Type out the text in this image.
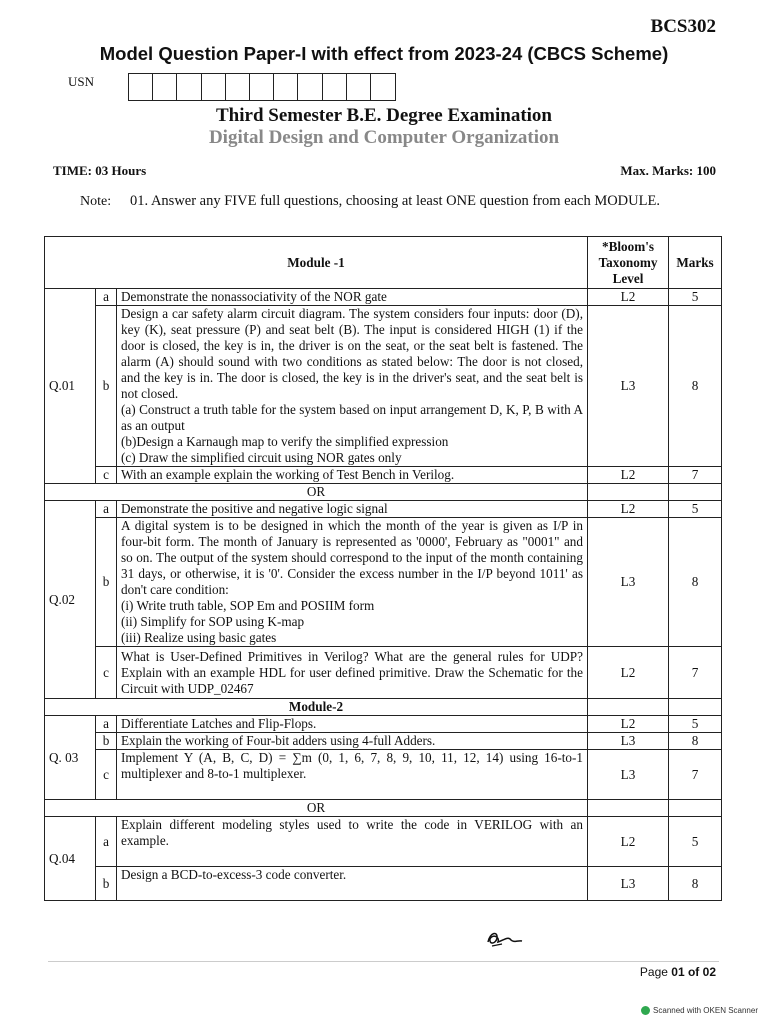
BCS302
Model Question Paper-I with effect from 2023-24 (CBCS Scheme)
USN
Third Semester B.E. Degree Examination
Digital Design and Computer Organization
TIME: 03 Hours	Max. Marks: 100
Note: 01. Answer any FIVE full questions, choosing at least ONE question from each MODULE.
Module -1			*Bloom's Taxonomy Level	Marks
Q.01	a	Demonstrate the nonassociativity of the NOR gate	L2	5
	b	Design a car safety alarm circuit diagram. The system considers four inputs: door (D), key (K), seat pressure (P) and seat belt (B). The input is considered HIGH (1) if the door is closed, the key is in, the driver is on the seat, or the seat belt is fastened. The alarm (A) should sound with two conditions as stated below: The door is not closed, and the key is in. The door is closed, the key is in the driver's seat, and the seat belt is not closed.
(a) Construct a truth table for the system based on input arrangement D, K, P, B with A as an output
(b)Design a Karnaugh map to verify the simplified expression
(c) Draw the simplified circuit using NOR gates only	L3	8
	c	With an example explain the working of Test Bench in Verilog.	L2	7
OR				
Q.02	a	Demonstrate the positive and negative logic signal	L2	5
	b	A digital system is to be designed in which the month of the year is given as I/P in four-bit form. The month of January is represented as '0000', February as "0001" and so on. The output of the system should correspond to the input of the month containing 31 days, or otherwise, it is '0'. Consider the excess number in the I/P beyond 1011' as don't care condition:
(i) Write truth table, SOP Em and POSIIM form
(ii) Simplify for SOP using K-map
(iii) Realize using basic gates	L3	8
	c	What is User-Defined Primitives in Verilog? What are the general rules for UDP? Explain with an example HDL for user defined primitive. Draw the Schematic for the Circuit with UDP_02467	L2	7
Module-2				
Q. 03	a	Differentiate Latches and Flip-Flops.	L2	5
	b	Explain the working of Four-bit adders using 4-full Adders.	L3	8
	c	Implement Y (A, B, C, D) = ∑m (0, 1, 6, 7, 8, 9, 10, 11, 12, 14) using 16-to-1 multiplexer and 8-to-1 multiplexer.	L3	7
OR				
Q.04	a	Explain different modeling styles used to write the code in VERILOG with an example.	L2	5
	b	Design a BCD-to-excess-3 code converter.	L3	8
Page 01 of 02
Scanned with OKEN Scanner
